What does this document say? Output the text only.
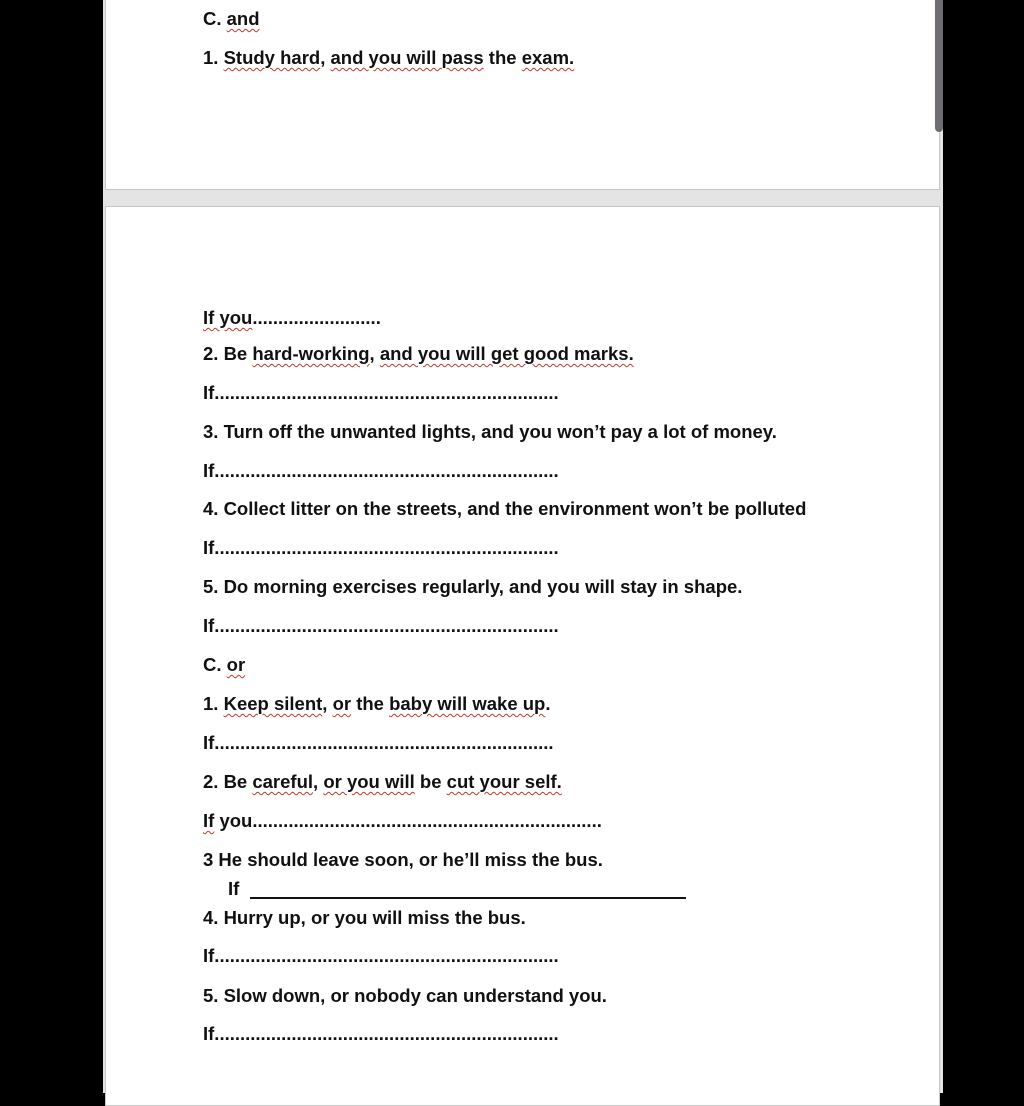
C. and
1. Study hard, and you will pass the exam.
If you.........................
2. Be hard-working, and you will get good marks.
If...................................................................
3. Turn off the unwanted lights, and you won’t pay a lot of money.
If...................................................................
4. Collect litter on the streets, and the environment won’t be polluted
If...................................................................
5. Do morning exercises regularly, and you will stay in shape.
If...................................................................
C. or
1. Keep silent, or the baby will wake up.
If..................................................................
2. Be careful, or you will be cut your self.
If you....................................................................
3 He should leave soon, or he’ll miss the bus.
If
4. Hurry up, or you will miss the bus.
If...................................................................
5. Slow down, or nobody can understand you.
If...................................................................
